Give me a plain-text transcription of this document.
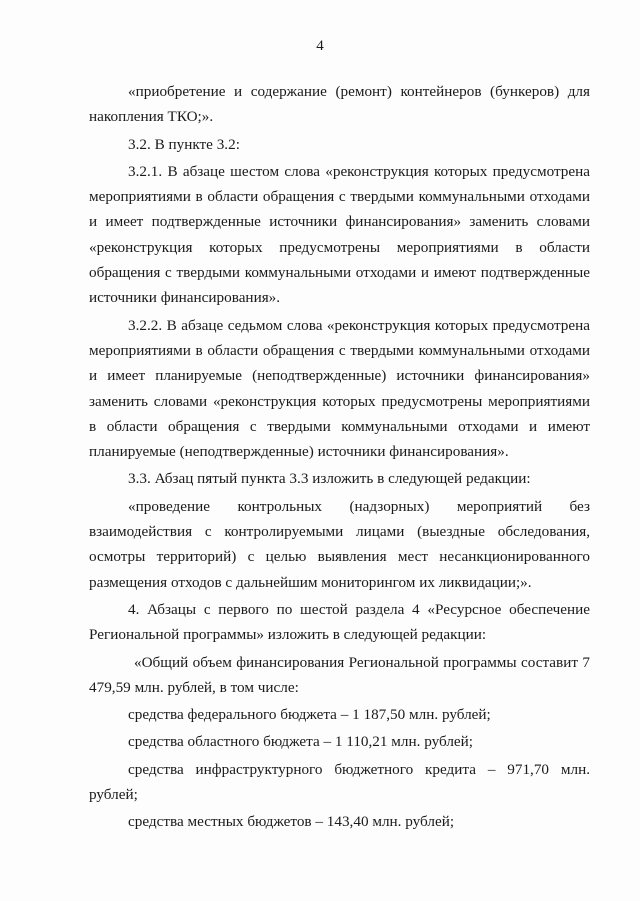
4

«приобретение и содержание (ремонт) контейнеров (бункеров) для накопления ТКО;».

3.2. В пункте 3.2:

3.2.1. В абзаце шестом слова «реконструкция которых предусмотрена мероприятиями в области обращения с твердыми коммунальными отходами и имеет подтвержденные источники финансирования» заменить словами «реконструкция которых предусмотрены мероприятиями в области обращения с твердыми коммунальными отходами и имеют подтвержденные источники финансирования».

3.2.2. В абзаце седьмом слова «реконструкция которых предусмотрена мероприятиями в области обращения с твердыми коммунальными отходами и имеет планируемые (неподтвержденные) источники финансирования» заменить словами «реконструкция которых предусмотрены мероприятиями в области обращения с твердыми коммунальными отходами и имеют планируемые (неподтвержденные) источники финансирования».

3.3. Абзац пятый пункта 3.3 изложить в следующей редакции:

«проведение контрольных (надзорных) мероприятий без взаимодействия с контролируемыми лицами (выездные обследования, осмотры территорий) с целью выявления мест несанкционированного размещения отходов с дальнейшим мониторингом их ликвидации;».

4. Абзацы с первого по шестой раздела 4 «Ресурсное обеспечение Региональной программы» изложить в следующей редакции:

«Общий объем финансирования Региональной программы составит 7 479,59 млн. рублей, в том числе:

средства федерального бюджета – 1 187,50 млн. рублей;

средства областного бюджета – 1 110,21 млн. рублей;

средства инфраструктурного бюджетного кредита – 971,70 млн. рублей;

средства местных бюджетов – 143,40 млн. рублей;
